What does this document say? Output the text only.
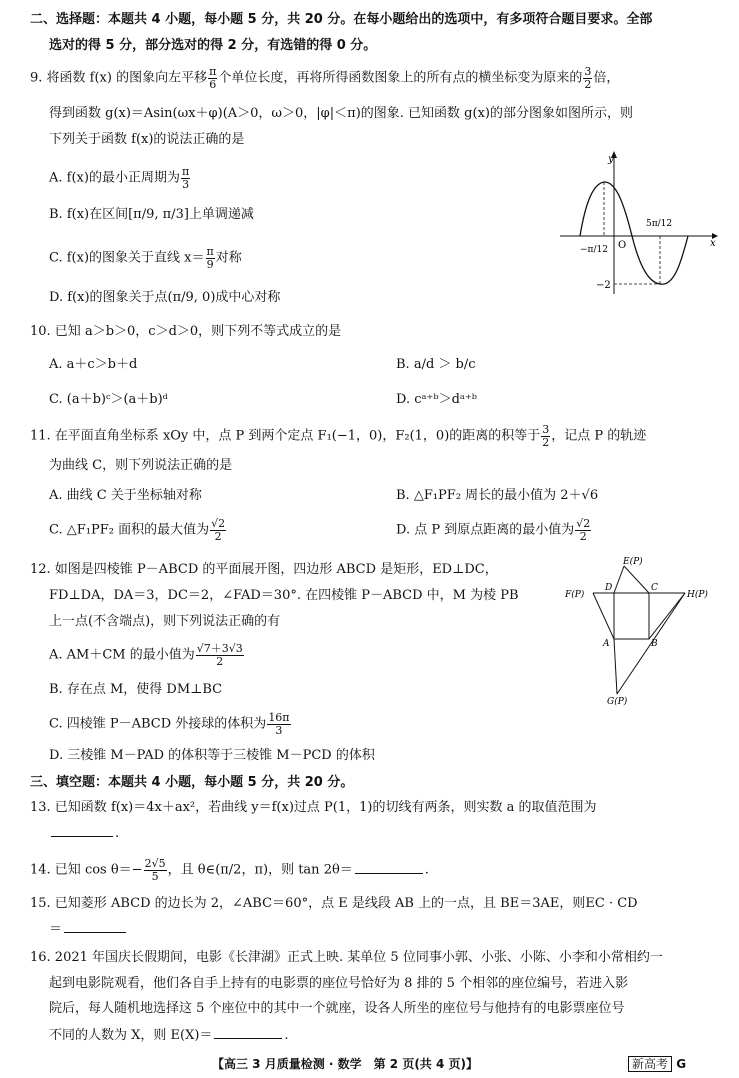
二、选择题：本题共 4 小题，每小题 5 分，共 20 分。在每小题给出的选项中，有多项符合题目要求。全部
选对的得 5 分，部分选对的得 2 分，有选错的得 0 分。
9. 将函数 f(x) 的图象向左平移 $\frac{\pi}{6}$ 个单位长度，再将所得函数图象上的所有点的横坐标变为原来的 $\frac{3}{2}$ 倍，
得到函数 g(x)＝Asin(ωx＋φ)(A＞0，ω＞0，|φ|＜π)的图象. 已知函数 g(x)的部分图象如图所示，则
下列关于函数 f(x)的说法正确的是
A. f(x)的最小正周期为 $\frac{\pi}{3}$
B. f(x)在区间[π/9, π/3]上单调递减
C. f(x)的图象关于直线 $x= \frac{\pi}{9}$ 对称
D. f(x)的图象关于点(π/9, 0)成中心对称
y
x
O
−π/12
5π/12
−2
10. 已知 a＞b＞0，c＞d＞0，则下列不等式成立的是
A. a＋c＞b＋d	B. a/d ＞ b/c
C. (a＋b)ᶜ＞(a＋b)ᵈ	D. cᵃ⁺ᵇ＞dᵃ⁺ᵇ
11. 在平面直角坐标系 xOy 中，点 P 到两个定点 F₁(−1，0)，F₂(1，0)的距离的积等于 $\frac{3}{2}$ ，记点 P 的轨迹
为曲线 C，则下列说法正确的是
A. 曲线 C 关于坐标轴对称	B. △F₁PF₂ 周长的最小值为 2＋√6
C. △F₁PF₂ 面积的最大值为 $\frac{√2}{2}$	D. 点 P 到原点距离的最小值为 $\frac{√2}{2}$
12. 如图是四棱锥 P－ABCD 的平面展开图，四边形 ABCD 是矩形，ED⊥DC，
FD⊥DA，DA＝3，DC＝2，∠FAD＝30°. 在四棱锥 P－ABCD 中，M 为棱 PB
上一点(不含端点)，则下列说法正确的有
A. AM＋CM 的最小值为 $\frac{√7+3√3}{2}$
B. 存在点 M，使得 DM⊥BC
C. 四棱锥 P－ABCD 外接球的体积为 $\frac{16\pi}{3}$
D. 三棱锥 M－PAD 的体积等于三棱锥 M－PCD 的体积
E(P)
D	C
F(P)	H(P)
A	B
G(P)
三、填空题：本题共 4 小题，每小题 5 分，共 20 分。
13. 已知函数 f(x)＝4x＋ax²，若曲线 y＝f(x)过点 P(1，1)的切线有两条，则实数 a 的取值范围为
.
14. 已知 $\cos \theta=- \frac{2√5}{5}$ ，且 θ∈(π/2，π)，则 tan 2θ＝	.
15. 已知菱形 ABCD 的边长为 2，∠ABC＝60°，点 E 是线段 AB 上的一点，且 BE＝3AE，则EC · CD
＝
16. 2021 年国庆长假期间，电影《长津湖》正式上映. 某单位 5 位同事小郭、小张、小陈、小李和小常相约一
起到电影院观看，他们各自手上持有的电影票的座位号恰好为 8 排的 5 个相邻的座位编号，若进入影
院后，每人随机地选择这 5 个座位中的其中一个就座，设各人所坐的座位号与他持有的电影票座位号
不同的人数为 X，则 E(X)＝	.
【高三 3 月质量检测 · 数学　第 2 页(共 4 页)】	新高考 G
